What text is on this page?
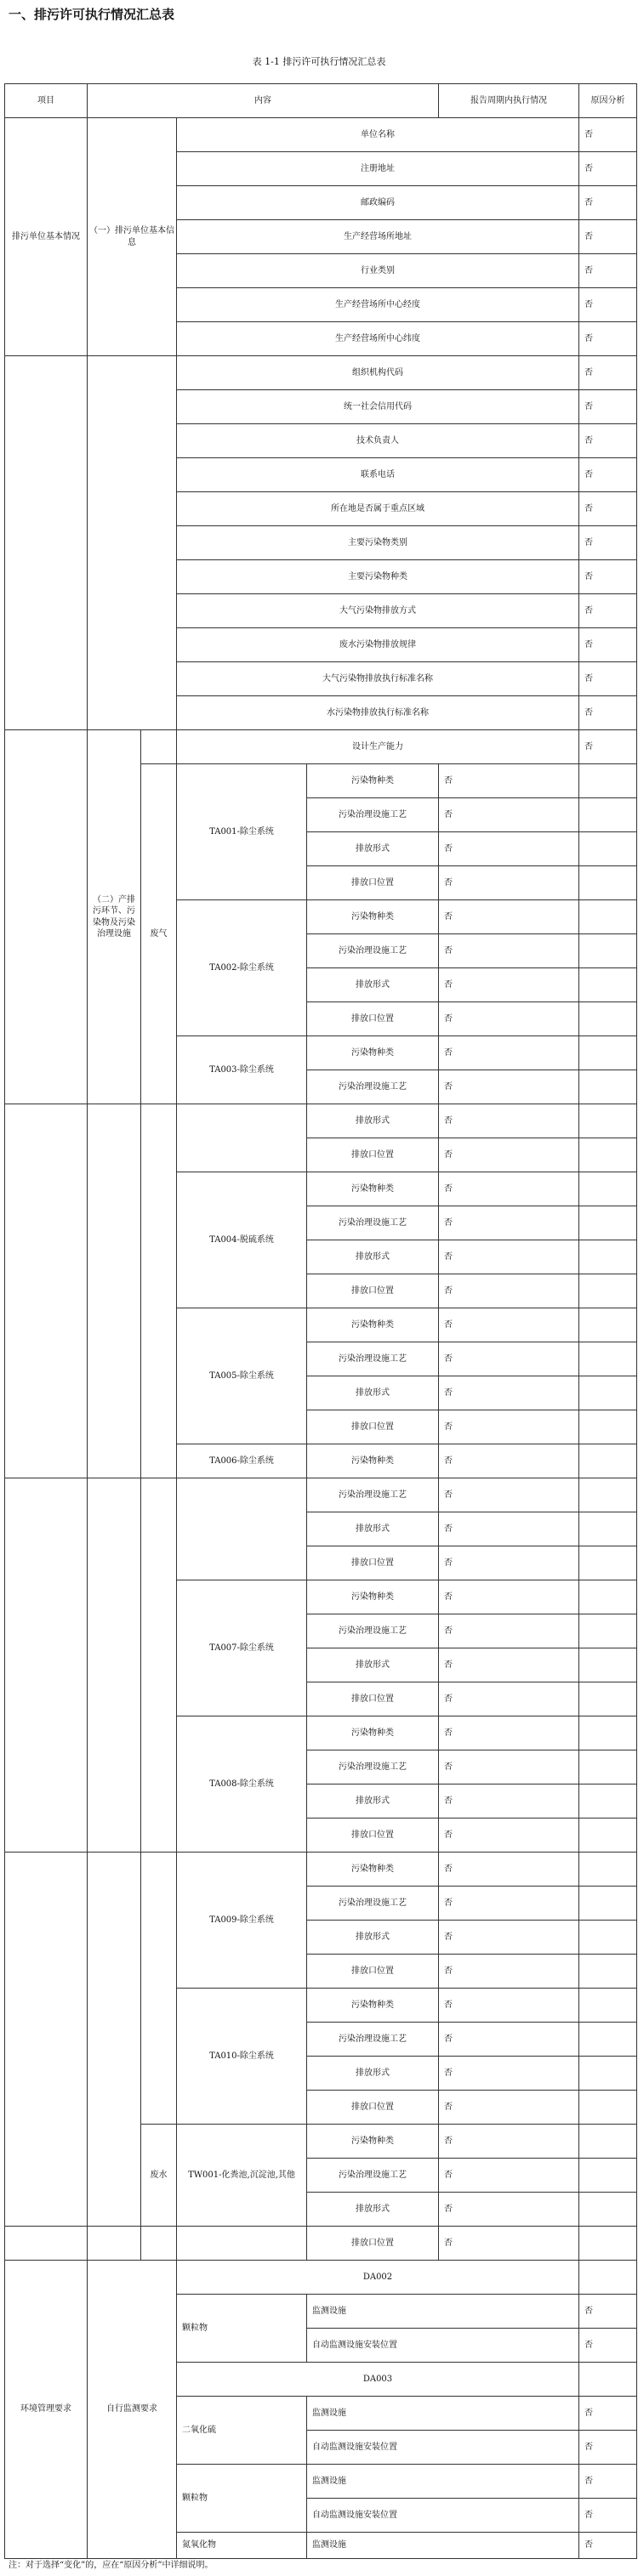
一、排污许可执行情况汇总表
表 1-1 排污许可执行情况汇总表
项目	内容				报告周期内执行情况	原因分析	
排污单位基本情况	（一）排污单位基本信息		单位名称			否	
			注册地址			否	
			邮政编码			否	
			生产经营场所地址			否	
			行业类别			否	
			生产经营场所中心经度			否	
			生产经营场所中心纬度			否	
			组织机构代码			否	
			统一社会信用代码			否	
			技术负责人			否	
			联系电话			否	
			所在地是否属于重点区域			否	
			主要污染物类别			否	
			主要污染物种类			否	
			大气污染物排放方式			否	
			废水污染物排放规律			否	
			大气污染物排放执行标准名称			否	
			水污染物排放执行标准名称			否	
	（二）产排污环节、污染物及污染治理设施		设计生产能力			否	
		废气	TA001-除尘系统	污染物种类	否		
				污染治理设施工艺	否		
				排放形式	否		
				排放口位置	否		
			TA002-除尘系统	污染物种类	否		
				污染治理设施工艺	否		
				排放形式	否		
				排放口位置	否		
			TA003-除尘系统	污染物种类	否		
				污染治理设施工艺	否		
				排放形式	否		
				排放口位置	否		
			TA004-脱硫系统	污染物种类	否		
				污染治理设施工艺	否		
				排放形式	否		
				排放口位置	否		
			TA005-除尘系统	污染物种类	否		
				污染治理设施工艺	否		
				排放形式	否		
				排放口位置	否		
			TA006-除尘系统	污染物种类	否		
				污染治理设施工艺	否		
				排放形式	否		
				排放口位置	否		
			TA007-除尘系统	污染物种类	否		
				污染治理设施工艺	否		
				排放形式	否		
				排放口位置	否		
			TA008-除尘系统	污染物种类	否		
				污染治理设施工艺	否		
				排放形式	否		
				排放口位置	否		
			TA009-除尘系统	污染物种类	否		
				污染治理设施工艺	否		
				排放形式	否		
				排放口位置	否		
			TA010-除尘系统	污染物种类	否		
				污染治理设施工艺	否		
				排放形式	否		
				排放口位置	否		
		废水	TW001-化粪池,沉淀池,其他	污染物种类	否		
				污染治理设施工艺	否		
				排放形式	否		
				排放口位置	否		
环境管理要求	自行监测要求		DA002				
			颗粒物	监测设施		否	
				自动监测设施安装位置		否	
			DA003				
			二氧化硫	监测设施		否	
				自动监测设施安装位置		否	
			颗粒物	监测设施		否	
				自动监测设施安装位置		否	
			氮氧化物	监测设施		否	
注：对于选择“变化”的，应在“原因分析”中详细说明。
